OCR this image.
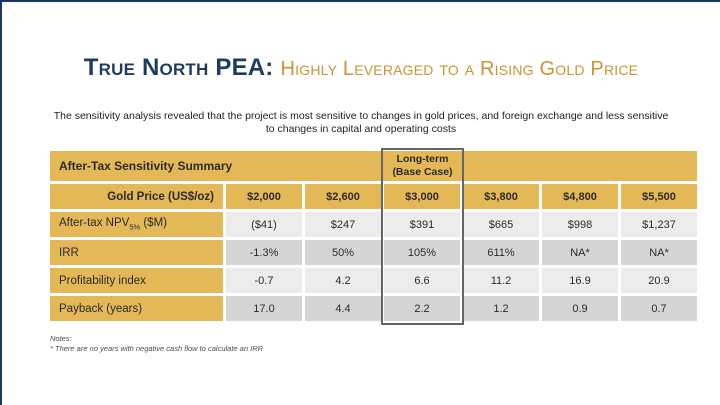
True North PEA: Highly Leveraged to a Rising Gold Price
The sensitivity analysis revealed that the project is most sensitive to changes in gold prices, and foreign exchange and less sensitive to changes in capital and operating costs
After-Tax Sensitivity Summary						
Gold Price (US$/oz)	$2,000	$2,600	$3,000	$3,800	$4,800	$5,500
After-tax $NPV_{5\%}$ ($M)	($41)	$247	$391	$665	$998	$1,237
IRR	-1.3%	50%	105%	611%	NA*	NA*
Profitability index	-0.7	4.2	6.6	11.2	16.9	20.9
Payback (years)	17.0	4.4	2.2	1.2	0.9	0.7
Long-term
(Base Case)
Notes:
* There are no years with negative cash flow to calculate an IRR
